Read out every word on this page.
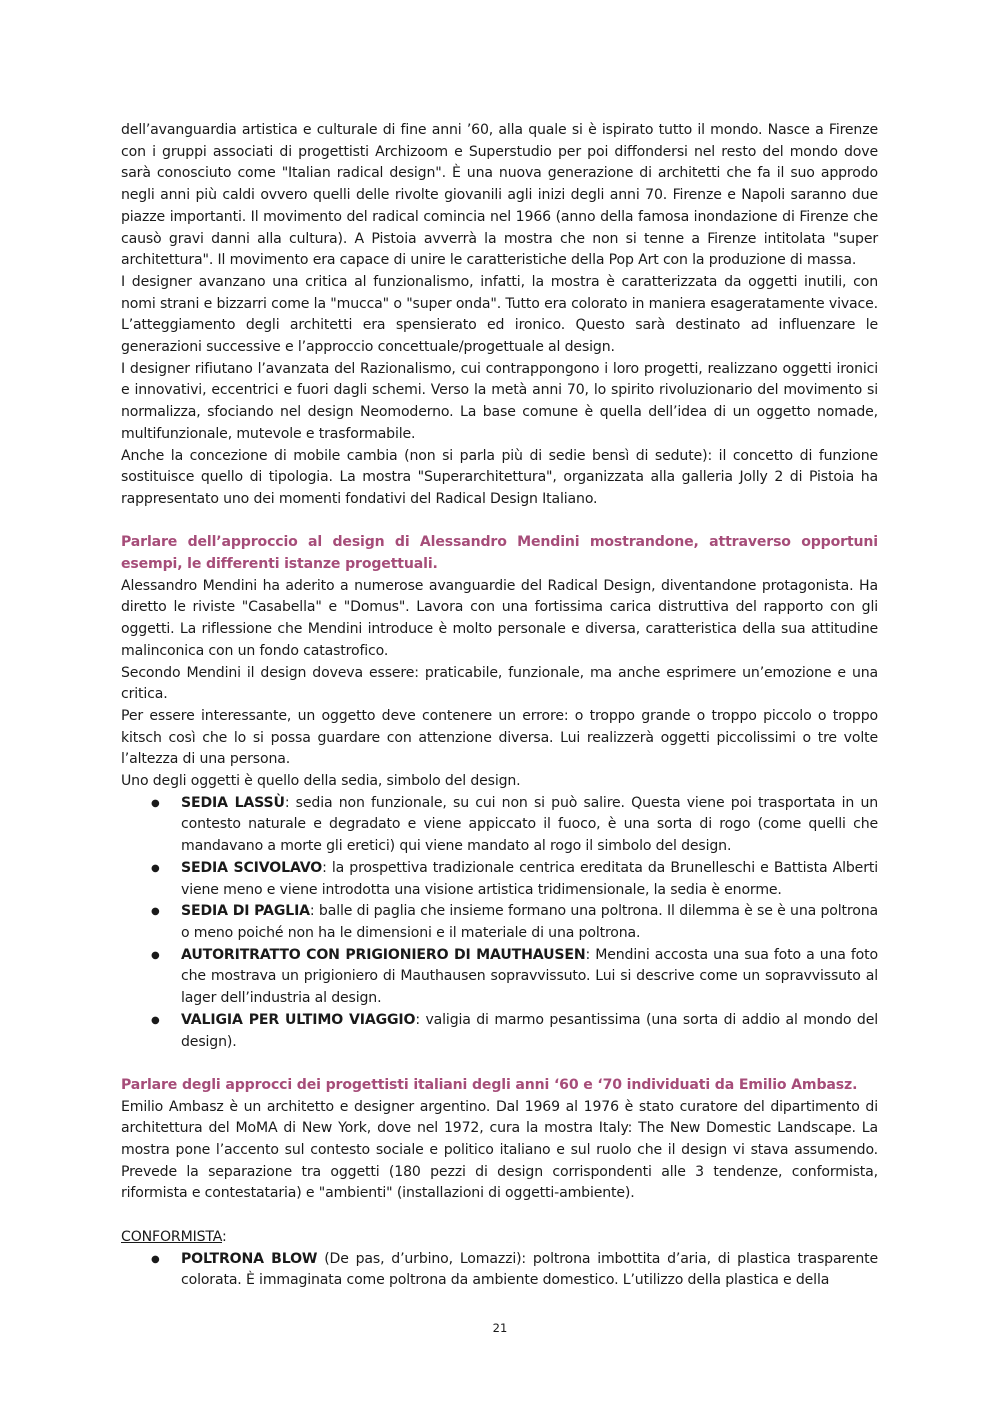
dell’avanguardia artistica e culturale di fine anni ’60, alla quale si è ispirato tutto il mondo. Nasce a Firenze con i gruppi associati di progettisti Archizoom e Superstudio per poi diffondersi nel resto del mondo dove sarà conosciuto come "Italian radical design". È una nuova generazione di architetti che fa il suo approdo negli anni più caldi ovvero quelli delle rivolte giovanili agli inizi degli anni 70. Firenze e Napoli saranno due piazze importanti. Il movimento del radical comincia nel 1966 (anno della famosa inondazione di Firenze che causò gravi danni alla cultura). A Pistoia avverrà la mostra che non si tenne a Firenze intitolata "super architettura". Il movimento era capace di unire le caratteristiche della Pop Art con la produzione di massa.

I designer avanzano una critica al funzionalismo, infatti, la mostra è caratterizzata da oggetti inutili, con nomi strani e bizzarri come la "mucca" o "super onda". Tutto era colorato in maniera esageratamente vivace. L’atteggiamento degli architetti era spensierato ed ironico. Questo sarà destinato ad influenzare le generazioni successive e l’approccio concettuale/progettuale al design.

I designer rifiutano l’avanzata del Razionalismo, cui contrappongono i loro progetti, realizzano oggetti ironici e innovativi, eccentrici e fuori dagli schemi. Verso la metà anni 70, lo spirito rivoluzionario del movimento si normalizza, sfociando nel design Neomoderno. La base comune è quella dell’idea di un oggetto nomade, multifunzionale, mutevole e trasformabile.

Anche la concezione di mobile cambia (non si parla più di sedie bensì di sedute): il concetto di funzione sostituisce quello di tipologia. La mostra "Superarchitettura", organizzata alla galleria Jolly 2 di Pistoia ha rappresentato uno dei momenti fondativi del Radical Design Italiano.

Parlare dell’approccio al design di Alessandro Mendini mostrandone, attraverso opportuni esempi, le differenti istanze progettuali.

Alessandro Mendini ha aderito a numerose avanguardie del Radical Design, diventandone protagonista. Ha diretto le riviste "Casabella" e "Domus". Lavora con una fortissima carica distruttiva del rapporto con gli oggetti. La riflessione che Mendini introduce è molto personale e diversa, caratteristica della sua attitudine malinconica con un fondo catastrofico.

Secondo Mendini il design doveva essere: praticabile, funzionale, ma anche esprimere un’emozione e una critica.

Per essere interessante, un oggetto deve contenere un errore: o troppo grande o troppo piccolo o troppo kitsch così che lo si possa guardare con attenzione diversa. Lui realizzerà oggetti piccolissimi o tre volte l’altezza di una persona.

Uno degli oggetti è quello della sedia, simbolo del design.

● SEDIA LASSÙ: sedia non funzionale, su cui non si può salire. Questa viene poi trasportata in un contesto naturale e degradato e viene appiccato il fuoco, è una sorta di rogo (come quelli che mandavano a morte gli eretici) qui viene mandato al rogo il simbolo del design.
● SEDIA SCIVOLAVO: la prospettiva tradizionale centrica ereditata da Brunelleschi e Battista Alberti viene meno e viene introdotta una visione artistica tridimensionale, la sedia è enorme.
● SEDIA DI PAGLIA: balle di paglia che insieme formano una poltrona. Il dilemma è se è una poltrona o meno poiché non ha le dimensioni e il materiale di una poltrona.
● AUTORITRATTO CON PRIGIONIERO DI MAUTHAUSEN: Mendini accosta una sua foto a una foto che mostrava un prigioniero di Mauthausen sopravvissuto. Lui si descrive come un sopravvissuto al lager dell’industria al design.
● VALIGIA PER ULTIMO VIAGGIO: valigia di marmo pesantissima (una sorta di addio al mondo del design).

Parlare degli approcci dei progettisti italiani degli anni ‘60 e ‘70 individuati da Emilio Ambasz.

Emilio Ambasz è un architetto e designer argentino. Dal 1969 al 1976 è stato curatore del dipartimento di architettura del MoMA di New York, dove nel 1972, cura la mostra Italy: The New Domestic Landscape. La mostra pone l’accento sul contesto sociale e politico italiano e sul ruolo che il design vi stava assumendo. Prevede la separazione tra oggetti (180 pezzi di design corrispondenti alle 3 tendenze, conformista, riformista e contestataria) e "ambienti" (installazioni di oggetti-ambiente).

CONFORMISTA:

● POLTRONA BLOW (De pas, d’urbino, Lomazzi): poltrona imbottita d’aria, di plastica trasparente colorata. È immaginata come poltrona da ambiente domestico. L’utilizzo della plastica e della
21
